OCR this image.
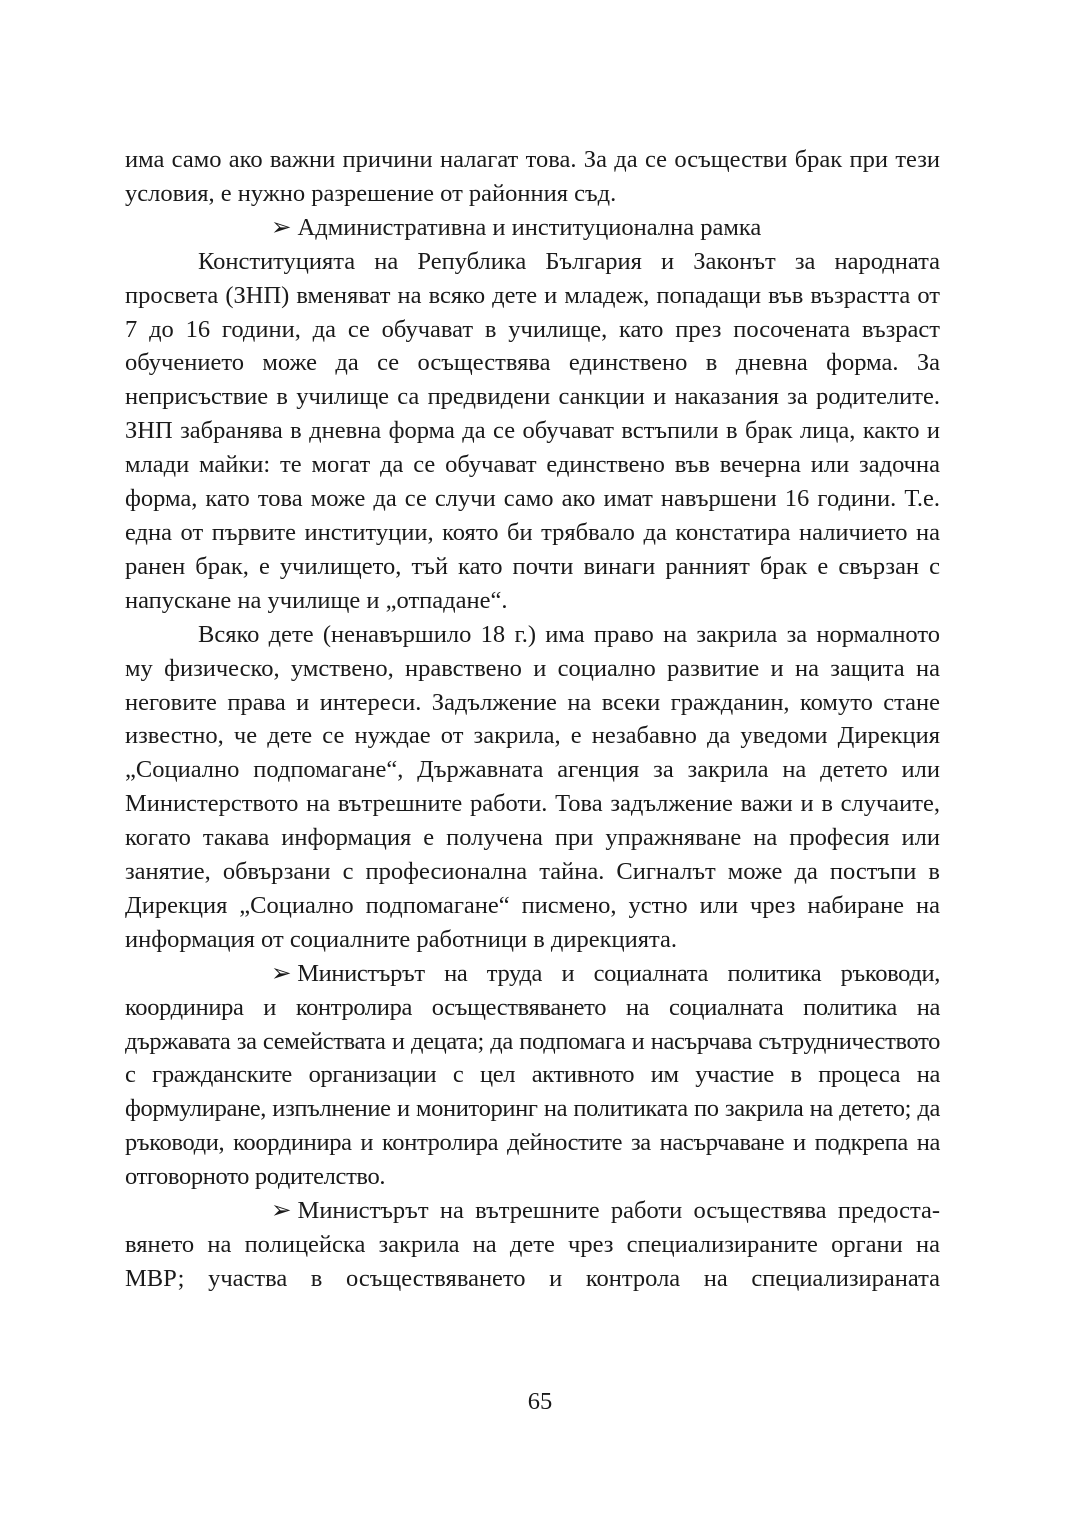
има само ако важни причини налагат това. За да се осъществи брак при тези условия, е нужно разрешение от районния съд.

➢ Административна и институционална рамка

Конституцията на Република България и Законът за народната просвета (ЗНП) вменяват на всяко дете и младеж, попадащи във възрастта от 7 до 16 години, да се обучават в училище, като през посочената възраст обучението може да се осъществява единствено в дневна форма. За неприсъствие в училище са предвидени санкции и наказания за родителите. ЗНП забранява в дневна форма да се обучават встъпили в брак лица, както и млади майки: те могат да се обучават единствено във вечерна или задочна форма, като това може да се случи само ако имат навършени 16 години. Т.е. една от първите институции, която би трябвало да констатира наличието на ранен брак, е училището, тъй като почти винаги ранният брак е свързан с напускане на училище и „отпадане“.

Всяко дете (ненавършило 18 г.) има право на закрила за нормалното му физическо, умствено, нравствено и социално развитие и на защита на неговите права и интереси. Задължение на всеки гражданин, комуто стане известно, че дете се нуждае от закрила, е незабавно да уведоми Дирекция „Социално подпомагане“, Държавната агенция за закрила на детето или Министерството на вътрешните работи. Това задължение важи и в случаите, когато такава информация е получена при упражняване на професия или занятие, обвързани с професионална тайна. Сигналът може да постъпи в Дирекция „Социално подпомагане“ писмено, устно или чрез набиране на информация от социалните работници в дирекцията.

➢ Министърът на труда и социалната политика ръководи, координира и контролира осъществяването на социалната политика на държавата за семействата и децата; да подпомага и насърчава сътрудничеството с гражданските организации с цел активното им участие в процеса на формулиране, изпълнение и мониторинг на политиката по закрила на детето; да ръководи, координира и контролира дейностите за насърчаване и подкрепа на отговорното родителство.

➢ Министърът на вътрешните работи осъществява предоставянето на полицейска закрила на дете чрез специализираните органи на МВР; участва в осъществяването и контрола на специализираната

65
